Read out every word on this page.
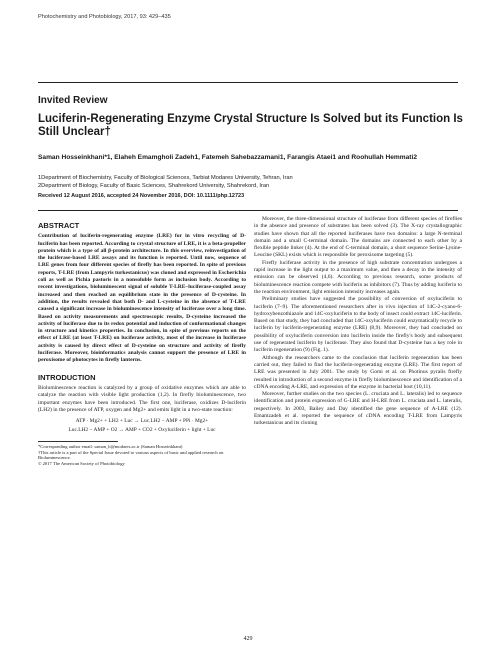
Photochemistry and Photobiology, 2017, 93: 429–435
Invited Review
Luciferin-Regenerating Enzyme Crystal Structure Is Solved but its Function Is Still Unclear†
Saman Hosseinkhani*1, Elaheh Emamgholi Zadeh1, Fatemeh Sahebazzamani1, Farangis Ataei1 and Roohullah Hemmati2
1Department of Biochemistry, Faculty of Biological Sciences, Tarbiat Modares University, Tehran, Iran
2Department of Biology, Faculty of Basic Sciences, Shahrekord University, Shahrekord, Iran
Received 12 August 2016, accepted 24 November 2016, DOI: 10.1111/php.12723
ABSTRACT

Contribution of luciferin-regenerating enzyme (LRE) for in vitro recycling of D-luciferin has been reported. According to crystal structure of LRE, it is a beta-propeller protein which is a type of all β-protein architecture. In this overview, reinvestigation of the luciferase-based LRE assays and its function is reported. Until now, sequence of LRE genes from four different species of firefly has been reported. In spite of previous reports, T-LRE (from Lampyris turkestanicus) was cloned and expressed in Escherichia coli as well as Pichia pastoris in a nonsoluble form as inclusion body. According to recent investigations, bioluminescent signal of soluble T-LRE–luciferase-coupled assay increased and then reached an equilibrium state in the presence of D-cysteine. In addition, the results revealed that both D- and L-cysteine in the absence of T-LRE caused a significant increase in bioluminescence intensity of luciferase over a long time. Based on activity measurements and spectroscopic results, D-cysteine increased the activity of luciferase due to its redox potential and induction of conformational changes in structure and kinetics properties. In conclusion, in spite of previous reports on the effect of LRE (at least T-LRE) on luciferase activity, most of the increase in luciferase activity is caused by direct effect of D-cysteine on structure and activity of firefly luciferase. Moreover, bioinformatics analysis cannot support the presence of LRE in peroxisome of photocytes in firefly lanterns.

INTRODUCTION

Bioluminescence reaction is catalyzed by a group of oxidative enzymes which are able to catalyze the reaction with visible light production (1,2). In firefly bioluminescence, two important enzymes have been introduced. The first one, luciferase, oxidizes D-luciferin (LH2) in the presence of ATP, oxygen and Mg2+ and emits light in a two-state reaction:

ATP · Mg2+ + LH2 + Luc → Luc.LH2 − AMP + PPi · Mg2+
Luc.LH2 − AMP + O2 → AMP + CO2 + Oxyluciferin + light + Luc
*Corresponding author email: saman_h@modares.ac.ir (Saman Hosseinkhani)
†This article is a part of the Special Issue devoted to various aspects of basic and applied research on Bioluminescence.
© 2017 The American Society of Photobiology

Moreover, the three-dimensional structure of luciferase from different species of fireflies in the absence and presence of substrates has been solved (3). The X-ray crystallographic studies have shown that all the reported luciferases have two domains: a large N-terminal domain and a small C-terminal domain. The domains are connected to each other by a flexible peptide linker (4). At the end of C-terminal domain, a short sequence Serine-Lysine-Leucine (SKL) exists which is responsible for peroxisome targeting (5).

Firefly luciferase activity in the presence of high substrate concentration undergoes a rapid increase in the light output to a maximum value, and then a decay in the intensity of emission can be observed (4,6). According to previous research, some products of bioluminescence reaction compete with luciferin as inhibitors (7). Thus by adding luciferin to the reaction environment, light emission intensity increases again.

Preliminary studies have suggested the possibility of conversion of oxyluciferin to luciferin (7–9). The aforementioned researchers after in vivo injection of 14C-2-cyano-6-hydroxybenzothiazole and 14C-oxyluciferin to the body of insect could extract 14C-luciferin. Based on that study, they had concluded that 14C-oxyluciferin could enzymatically recycle to luciferin by luciferin-regenerating enzyme (LRE) (8,9). Moreover, they had concluded on possibility of oxyluciferin conversion into luciferin inside the firefly's body and subsequent use of regenerated luciferin by luciferase. They also found that D-cysteine has a key role in luciferin regeneration (9) (Fig. 1).

Although the researchers came to the conclusion that luciferin regeneration has been carried out, they failed to find the luciferin-regenerating enzyme (LRE). The first report of LRE was presented in July 2001. The study by Gomi et al. on Photinus pyralis firefly resulted in introduction of a second enzyme in firefly bioluminescence and identification of a cDNA encoding A-LRE, and expression of the enzyme in bacterial host (10,11).

Moreover, further studies on the two species (L. cruciata and L. lateralis) led to sequence identification and protein expression of G-LRE and H-LRE from L. cruciata and L. lateralis, respectively. In 2003, Bailey and Day identified the gene sequence of A-LRE (12). Emamzadeh et al. reported the sequence of cDNA encoding T-LRE from Lampyris turkestanicus and its cloning

429
